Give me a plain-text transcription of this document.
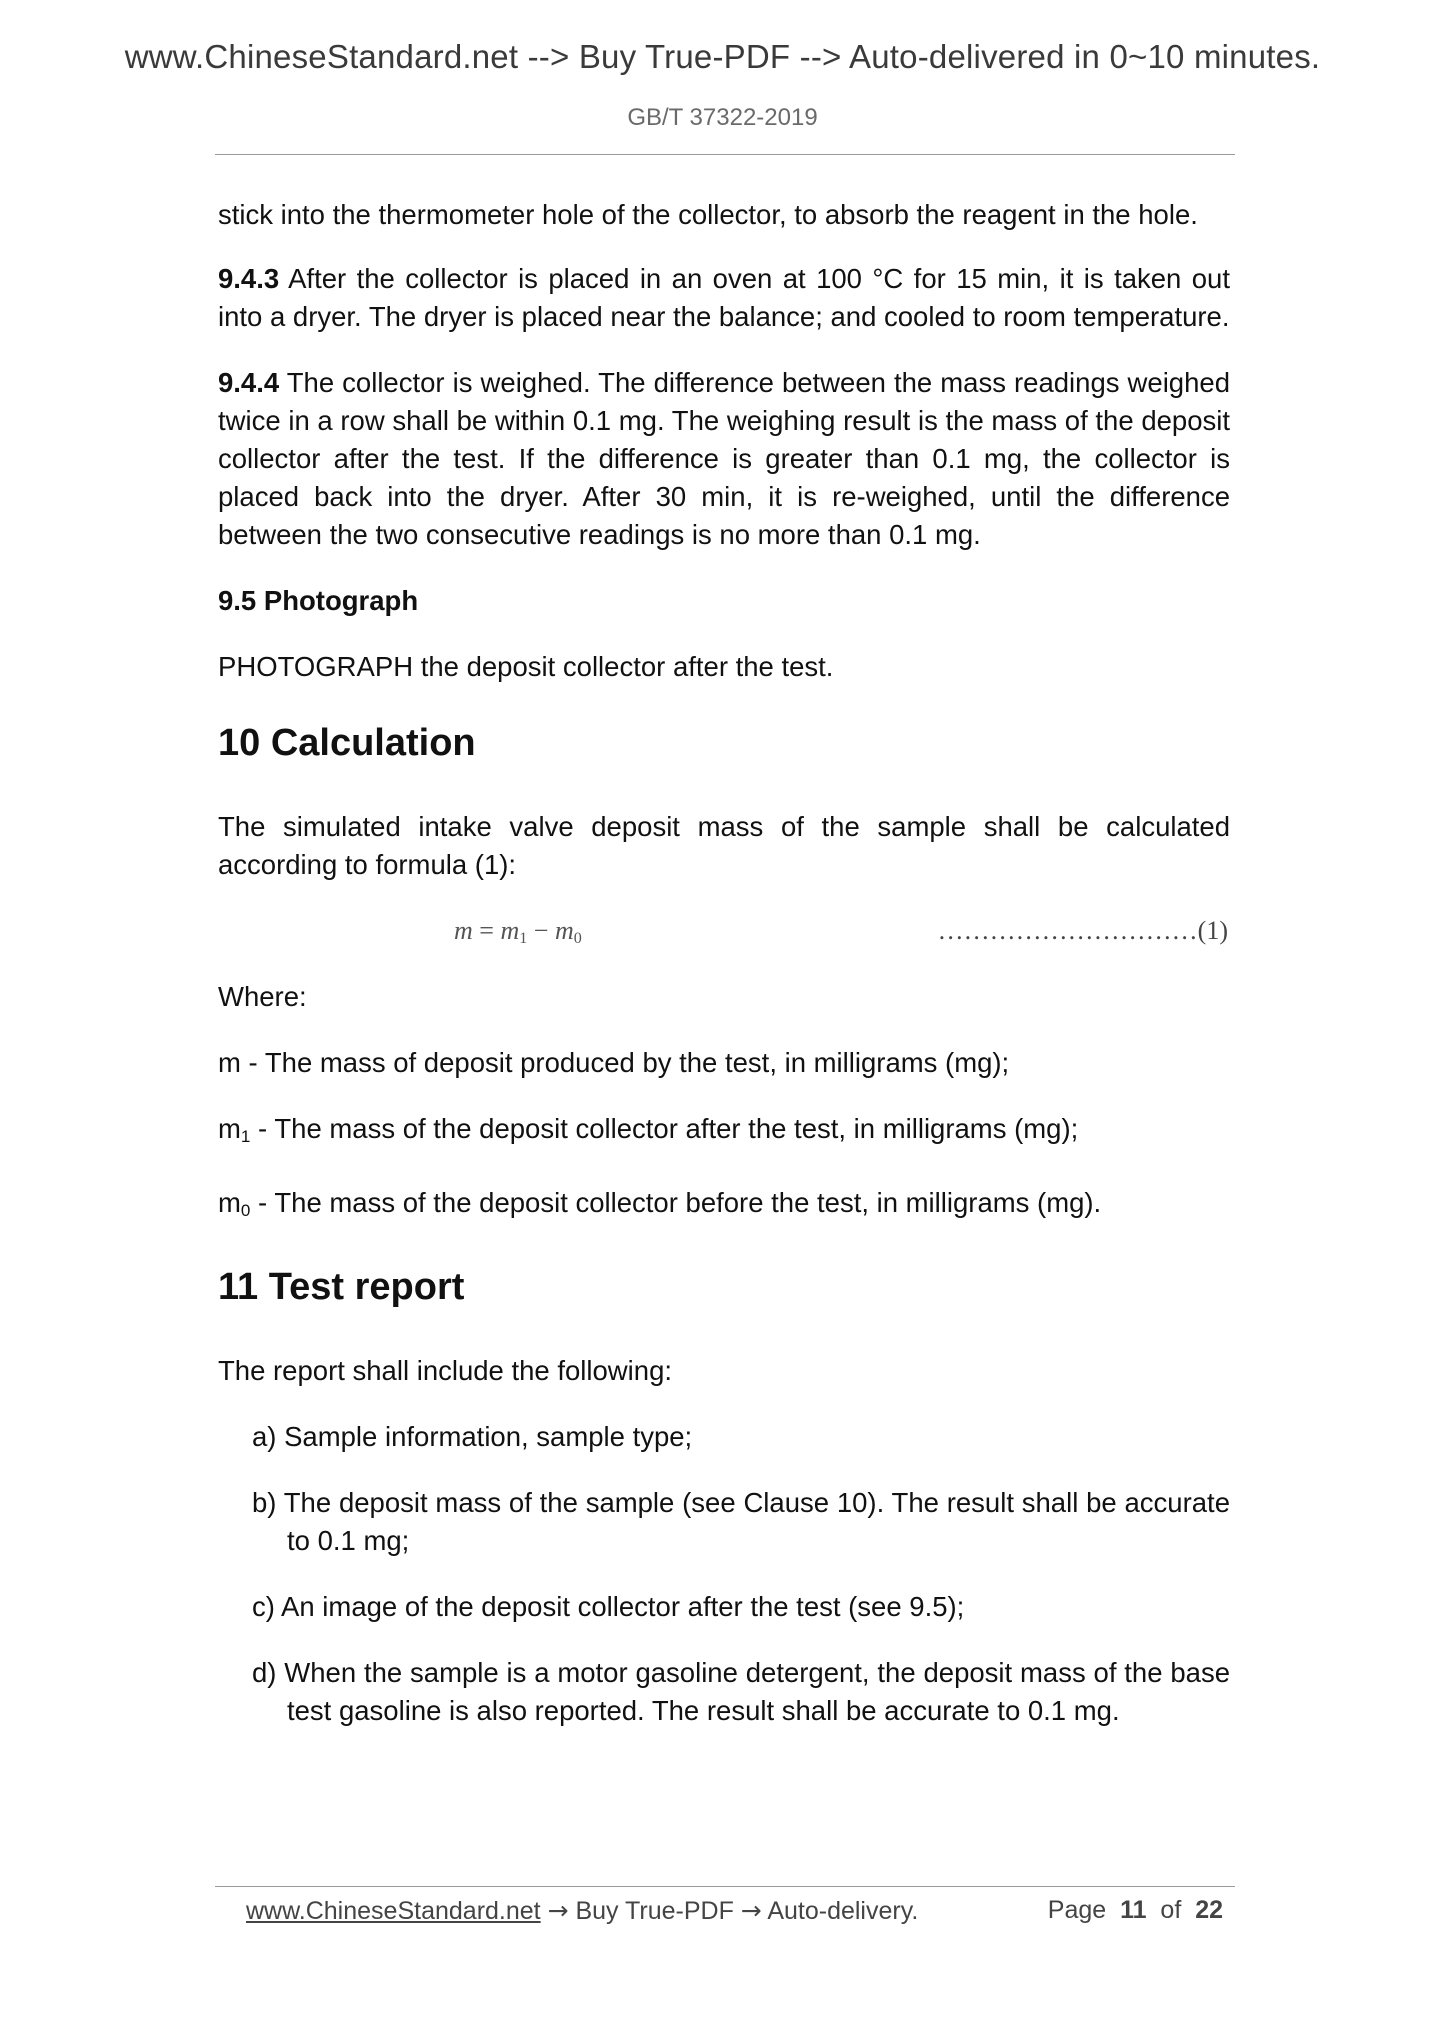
www.ChineseStandard.net --> Buy True-PDF --> Auto-delivered in 0~10 minutes.
GB/T 37322-2019

stick into the thermometer hole of the collector, to absorb the reagent in the hole.

9.4.3 After the collector is placed in an oven at 100 °C for 15 min, it is taken out into a dryer. The dryer is placed near the balance; and cooled to room temperature.

9.4.4 The collector is weighed. The difference between the mass readings weighed twice in a row shall be within 0.1 mg. The weighing result is the mass of the deposit collector after the test. If the difference is greater than 0.1 mg, the collector is placed back into the dryer. After 30 min, it is re-weighed, until the difference between the two consecutive readings is no more than 0.1 mg.

9.5 Photograph

PHOTOGRAPH the deposit collector after the test.

10 Calculation

The simulated intake valve deposit mass of the sample shall be calculated according to formula (1):

$m = m_1 - m_0$	…………………………(1)

Where:

m - The mass of deposit produced by the test, in milligrams (mg);

$m_1$ - The mass of the deposit collector after the test, in milligrams (mg);

$m_0$ - The mass of the deposit collector before the test, in milligrams (mg).

11 Test report

The report shall include the following:

a) Sample information, sample type;

b) The deposit mass of the sample (see Clause 10). The result shall be accurate to 0.1 mg;

c) An image of the deposit collector after the test (see 9.5);

d) When the sample is a motor gasoline detergent, the deposit mass of the base test gasoline is also reported. The result shall be accurate to 0.1 mg.

www.ChineseStandard.net → Buy True-PDF → Auto-delivery.	Page 11 of 22
